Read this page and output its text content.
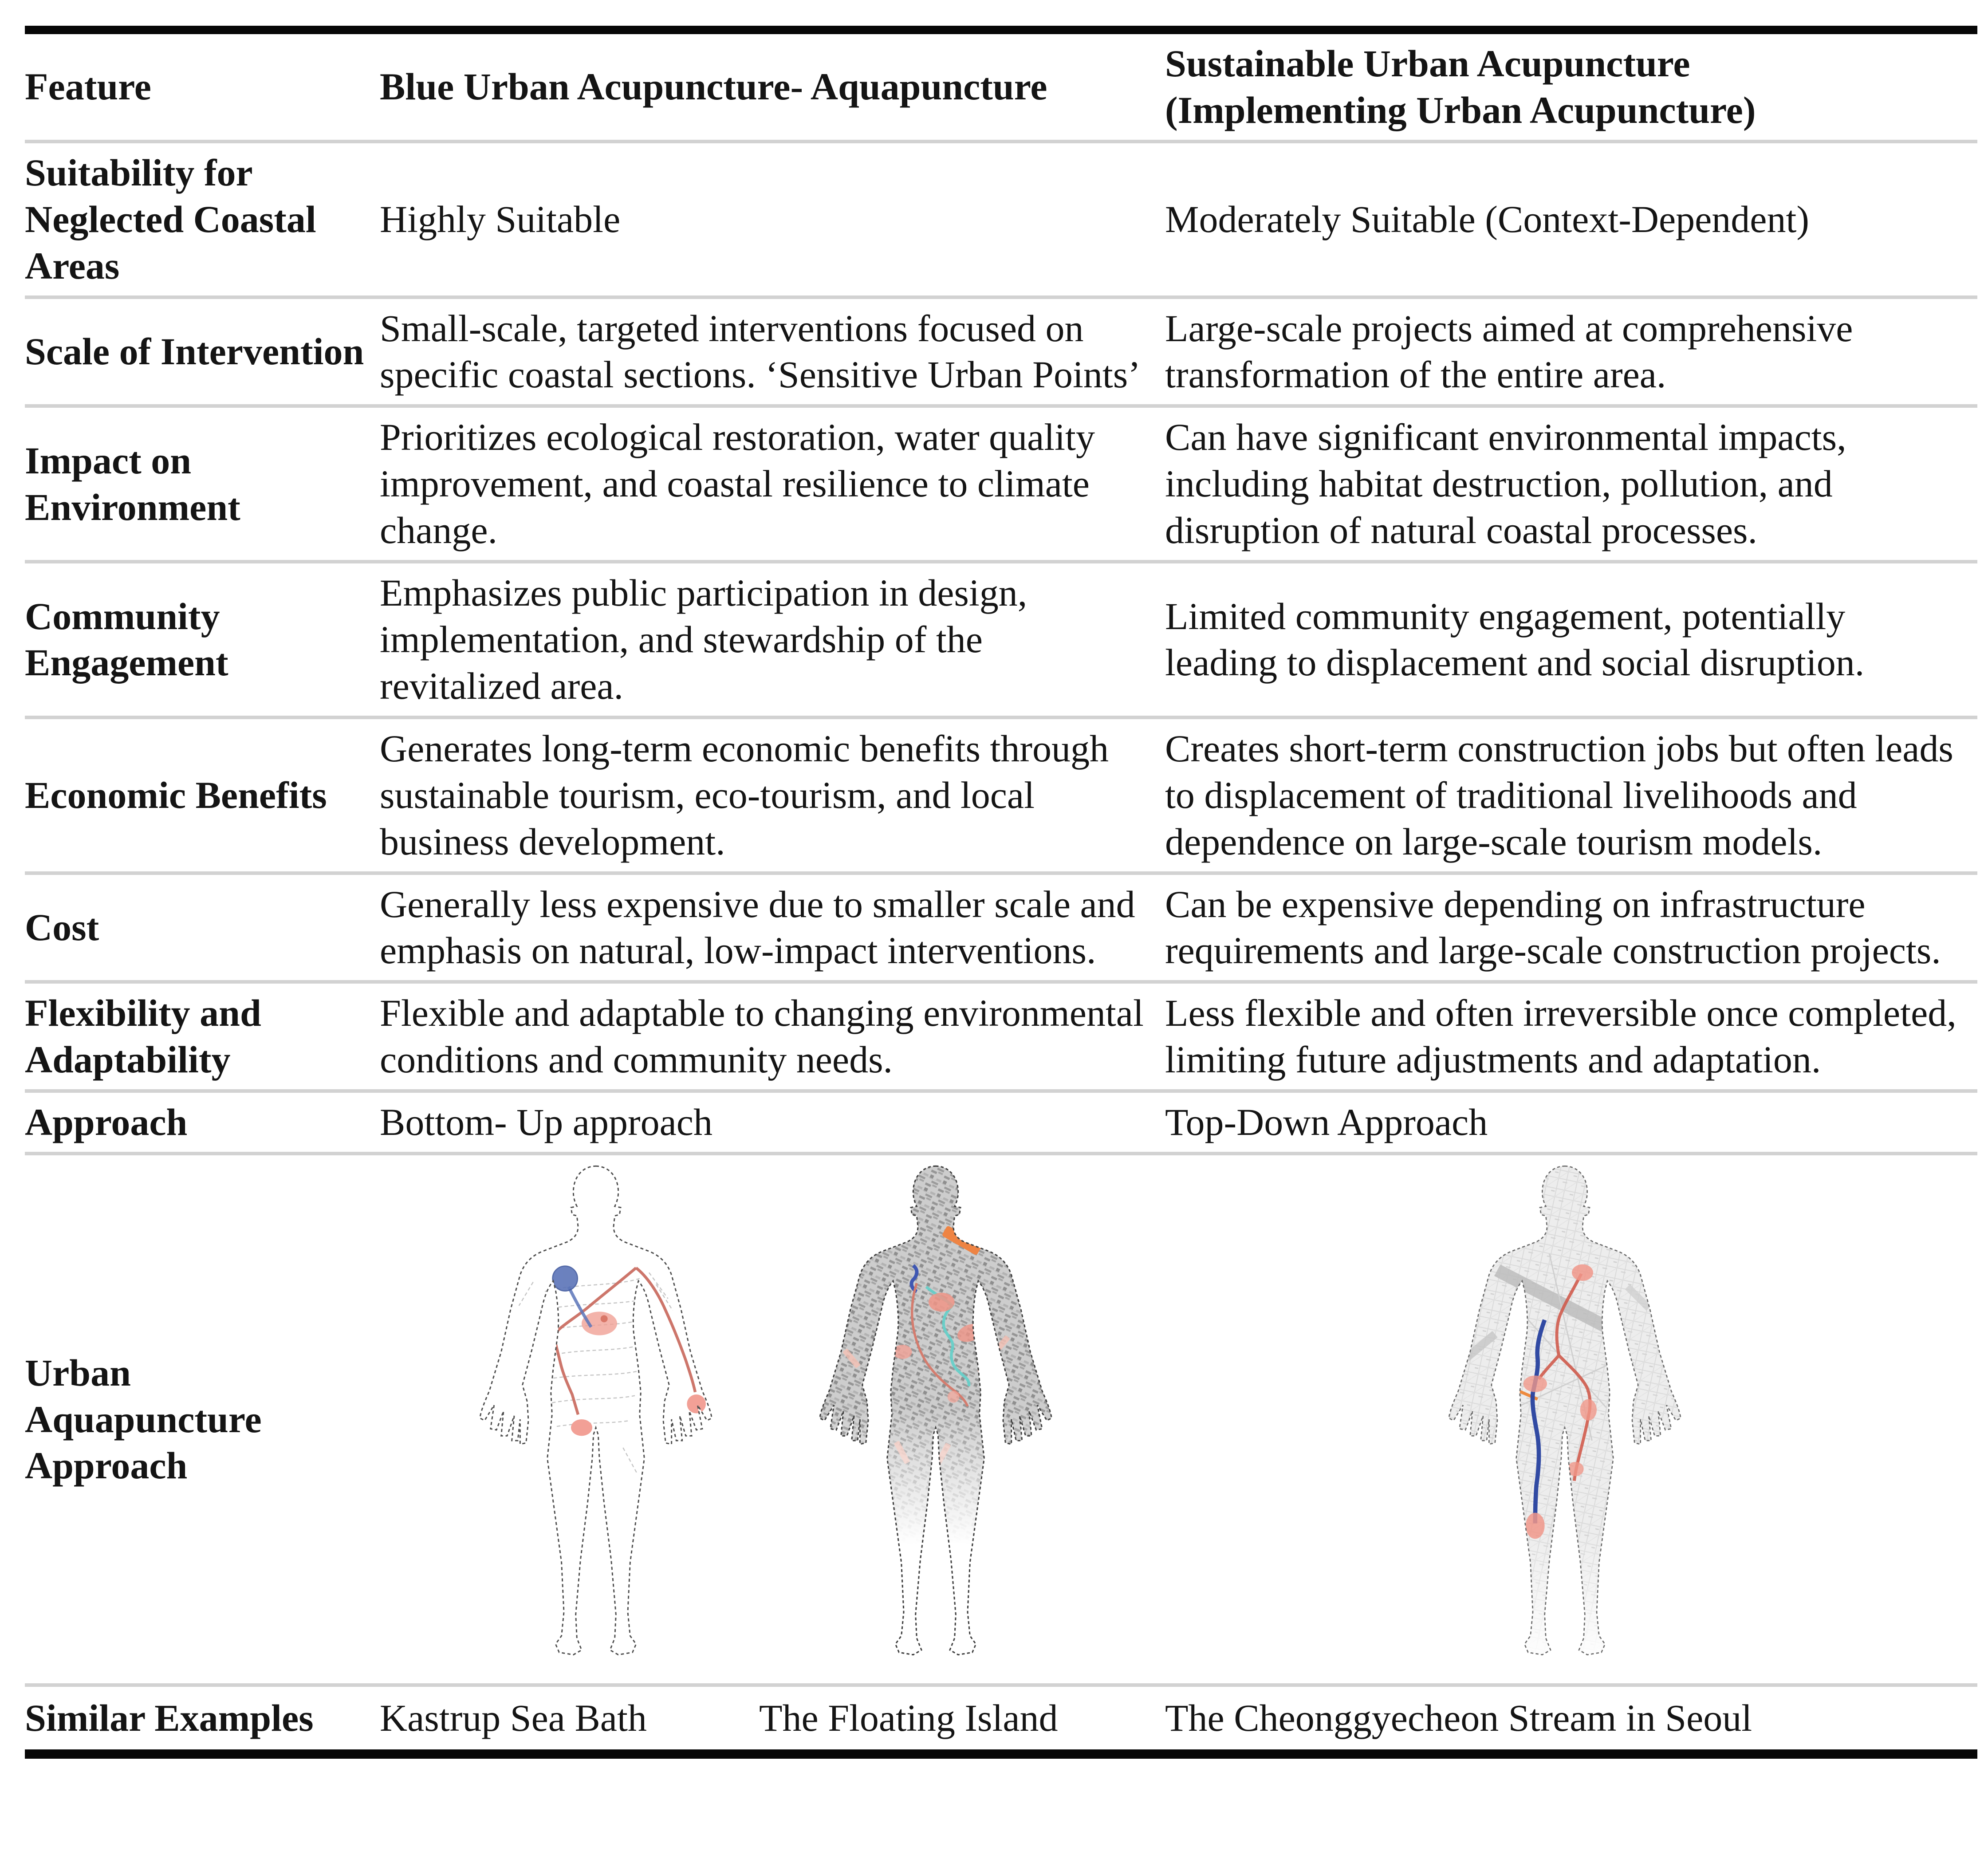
Feature	Blue Urban Acupuncture- Aquapuncture	Sustainable Urban Acupuncture
(Implementing Urban Acupuncture)

Suitability for
Neglected Coastal
Areas	Highly Suitable	Moderately Suitable (Context-Dependent)

Scale of Intervention	Small-scale, targeted interventions focused on specific coastal sections. ‘Sensitive Urban Points’	Large-scale projects aimed at comprehensive transformation of the entire area.

Impact on
Environment	Prioritizes ecological restoration, water quality improvement, and coastal resilience to climate change.	Can have significant environmental impacts, including habitat destruction, pollution, and disruption of natural coastal processes.

Community
Engagement	Emphasizes public participation in design, implementation, and stewardship of the revitalized area.	Limited community engagement, potentially leading to displacement and social disruption.

Economic Benefits	Generates long-term economic benefits through sustainable tourism, eco-tourism, and local business development.	Creates short-term construction jobs but often leads to displacement of traditional livelihoods and dependence on large-scale tourism models.

Cost	Generally less expensive due to smaller scale and emphasis on natural, low-impact interventions.	Can be expensive depending on infrastructure requirements and large-scale construction projects.

Flexibility and
Adaptability	Flexible and adaptable to changing environmental conditions and community needs.	Less flexible and often irreversible once completed, limiting future adjustments and adaptation.

Approach	Bottom- Up approach	Top-Down Approach

Urban
Aquapuncture
Approach

Similar Examples	Kastrup Sea Bath The Floating Island	The Cheonggyecheon Stream in Seoul
